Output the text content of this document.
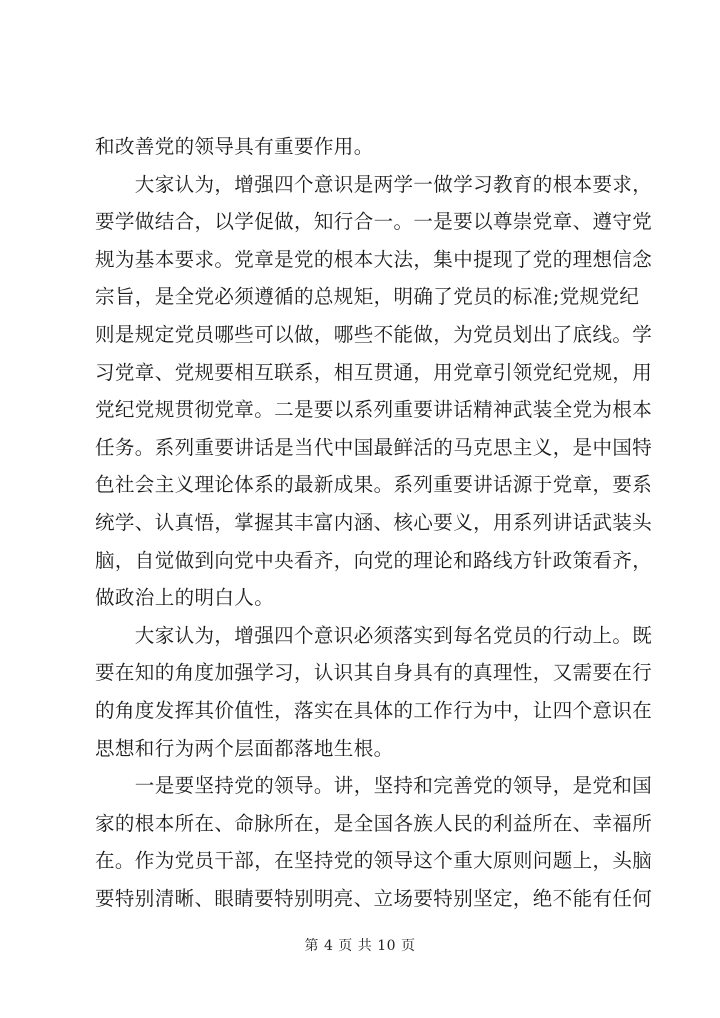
和改善党的领导具有重要作用。

　　大家认为，增强四个意识是两学一做学习教育的根本要求，
要学做结合，以学促做，知行合一。一是要以尊崇党章、遵守党
规为基本要求。党章是党的根本大法，集中提现了党的理想信念
宗旨，是全党必须遵循的总规矩，明确了党员的标准;党规党纪
则是规定党员哪些可以做，哪些不能做，为党员划出了底线。学
习党章、党规要相互联系，相互贯通，用党章引领党纪党规，用
党纪党规贯彻党章。二是要以系列重要讲话精神武装全党为根本
任务。系列重要讲话是当代中国最鲜活的马克思主义，是中国特
色社会主义理论体系的最新成果。系列重要讲话源于党章，要系
统学、认真悟，掌握其丰富内涵、核心要义，用系列讲话武装头
脑，自觉做到向党中央看齐，向党的理论和路线方针政策看齐，
做政治上的明白人。

　　大家认为，增强四个意识必须落实到每名党员的行动上。既
要在知的角度加强学习，认识其自身具有的真理性，又需要在行
的角度发挥其价值性，落实在具体的工作行为中，让四个意识在
思想和行为两个层面都落地生根。

　　一是要坚持党的领导。讲，坚持和完善党的领导，是党和国
家的根本所在、命脉所在，是全国各族人民的利益所在、幸福所
在。作为党员干部，在坚持党的领导这个重大原则问题上，头脑
要特别清晰、眼睛要特别明亮、立场要特别坚定，绝不能有任何

第 4 页 共 10 页
